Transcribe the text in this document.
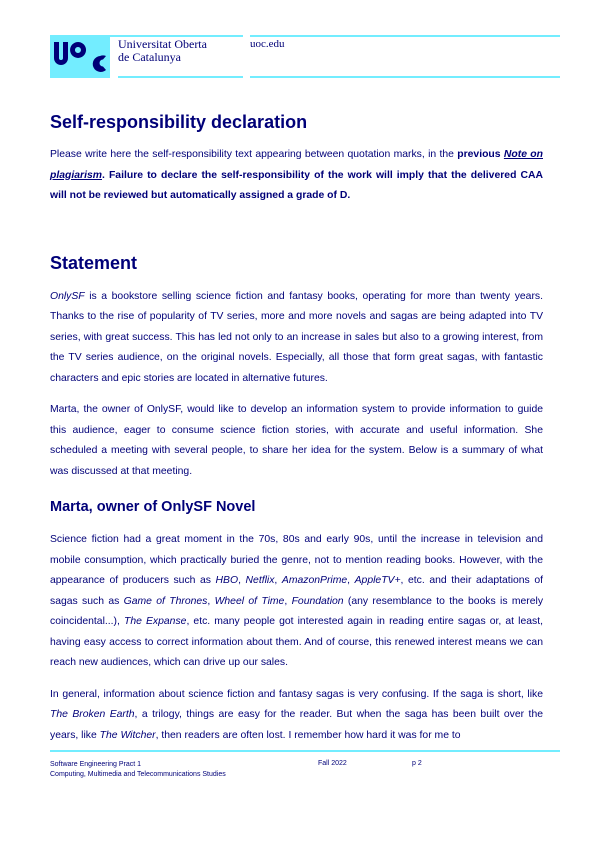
Universitat Oberta
de Catalunya
uoc.edu
Self-responsibility declaration

Please write here the self-responsibility text appearing between quotation marks, in the previous Note on plagiarism. Failure to declare the self-responsibility of the work will imply that the delivered CAA will not be reviewed but automatically assigned a grade of D.

Statement

OnlySF is a bookstore selling science fiction and fantasy books, operating for more than twenty years. Thanks to the rise of popularity of TV series, more and more novels and sagas are being adapted into TV series, with great success. This has led not only to an increase in sales but also to a growing interest, from the TV series audience, on the original novels. Especially, all those that form great sagas, with fantastic characters and epic stories are located in alternative futures.

Marta, the owner of OnlySF, would like to develop an information system to provide information to guide this audience, eager to consume science fiction stories, with accurate and useful information. She scheduled a meeting with several people, to share her idea for the system. Below is a summary of what was discussed at that meeting.

Marta, owner of OnlySF Novel

Science fiction had a great moment in the 70s, 80s and early 90s, until the increase in television and mobile consumption, which practically buried the genre, not to mention reading books. However, with the appearance of producers such as HBO, Netflix, AmazonPrime, AppleTV+, etc. and their adaptations of sagas such as Game of Thrones, Wheel of Time, Foundation (any resemblance to the books is merely coincidental...), The Expanse, etc. many people got interested again in reading entire sagas or, at least, having easy access to correct information about them. And of course, this renewed interest means we can reach new audiences, which can drive up our sales.

In general, information about science fiction and fantasy sagas is very confusing. If the saga is short, like The Broken Earth, a trilogy, things are easy for the reader. But when the saga has been built over the years, like The Witcher, then readers are often lost. I remember how hard it was for me to

Software Engineering Pract 1
Computing, Multimedia and Telecommunications Studies
Fall 2022	p 2
